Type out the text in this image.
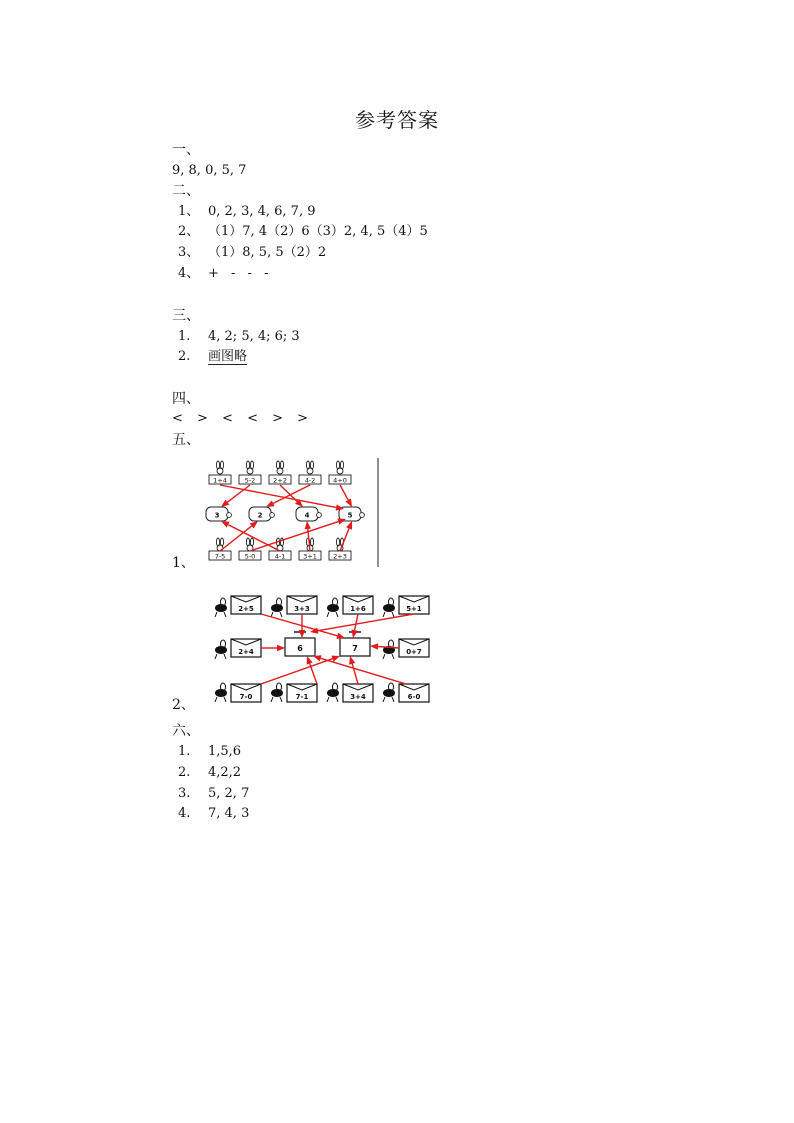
参考答案
一、
9, 8, 0, 5, 7
二、
1、 0, 2, 3, 4, 6, 7, 9
2、 （1）7, 4（2）6（3）2, 4, 5（4）5
3、 （1）8, 5, 5（2）2
4、 + - - -
三、
1. 4, 2; 5, 4; 6; 3
2. 画图略
四、
< > < < > >
五、
1+4	5-2	2+2	4-2	4+0
3	2	4	5
7-5	5-0	4-1	3+1	2+3
1、
2+5	3+3	1+6	5+1
2+4	0+7
7-0	7-1	3+4	6-0
6	7
2、
六、
1. 1,5,6
2. 4,2,2
3. 5, 2, 7
4. 7, 4, 3
